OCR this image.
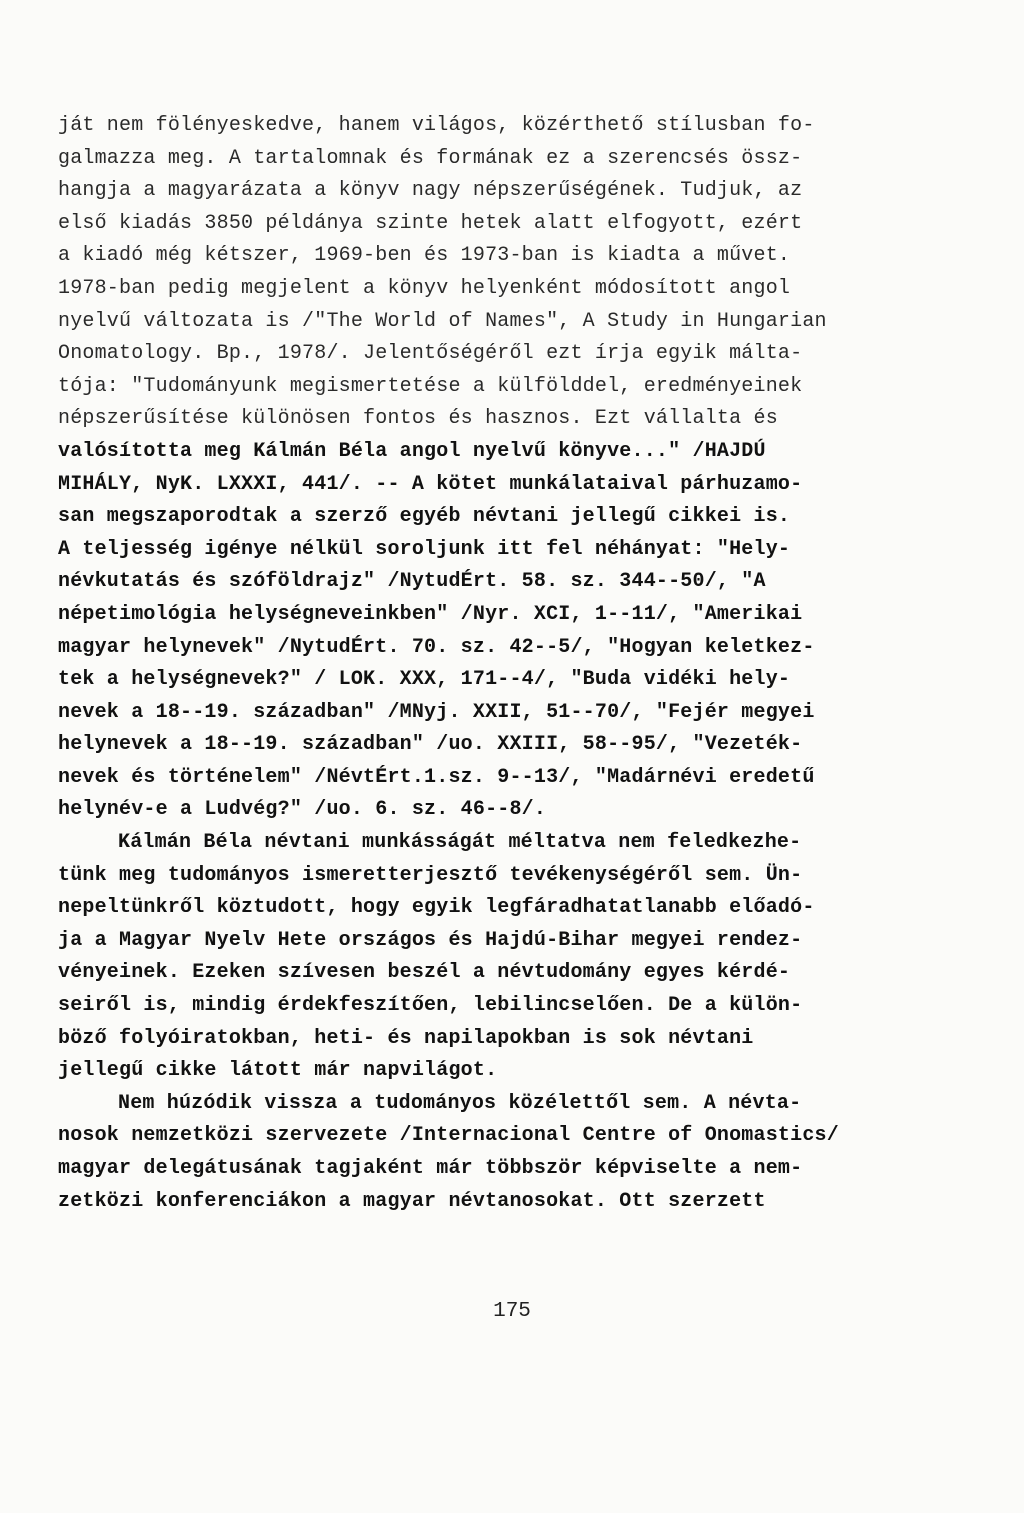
ját nem fölényeskedve, hanem világos, közérthető stílusban fo-
galmazza meg. A tartalomnak és formának ez a szerencsés össz-
hangja a magyarázata a könyv nagy népszerűségének. Tudjuk, az
első kiadás 3850 példánya szinte hetek alatt elfogyott, ezért
a kiadó még kétszer, 1969-ben és 1973-ban is kiadta a művet.
1978-ban pedig megjelent a könyv helyenként módosított angol
nyelvű változata is /"The World of Names", A Study in Hungarian
Onomatology. Bp., 1978/. Jelentőségéről ezt írja egyik málta-
tója: "Tudományunk megismertetése a külfölddel, eredményeinek
népszerűsítése különösen fontos és hasznos. Ezt vállalta és
valósította meg Kálmán Béla angol nyelvű könyve..." /HAJDÚ
MIHÁLY, NyK. LXXXI, 441/. -- A kötet munkálataival párhuzamo-
san megszaporodtak a szerző egyéb névtani jellegű cikkei is.
A teljesség igénye nélkül soroljunk itt fel néhányat: "Hely-
névkutatás és szóföldrajz" /NytudÉrt. 58. sz. 344--50/, "A
népetimológia helységneveinkben" /Nyr. XCI, 1--11/, "Amerikai
magyar helynevek" /NytudÉrt. 70. sz. 42--5/, "Hogyan keletkez-
tek a helységnevek?" / LOK. XXX, 171--4/, "Buda vidéki hely-
nevek a 18--19. században" /MNyj. XXII, 51--70/, "Fejér megyei
helynevek a 18--19. században" /uo. XXIII, 58--95/, "Vezeték-
nevek és történelem" /NévtÉrt.1.sz. 9--13/, "Madárnévi eredetű
helynév-e a Ludvég?" /uo. 6. sz. 46--8/.
Kálmán Béla névtani munkásságát méltatva nem feledkezhe-
tünk meg tudományos ismeretterjesztő tevékenységéről sem. Ün-
nepeltünkről köztudott, hogy egyik legfáradhatatlanabb előadó-
ja a Magyar Nyelv Hete országos és Hajdú-Bihar megyei rendez-
vényeinek. Ezeken szívesen beszél a névtudomány egyes kérdé-
seiről is, mindig érdekfeszítően, lebilincselően. De a külön-
böző folyóiratokban, heti- és napilapokban is sok névtani
jellegű cikke látott már napvilágot.
Nem húzódik vissza a tudományos közélettől sem. A névta-
nosok nemzetközi szervezete /Internacional Centre of Onomastics/
magyar delegátusának tagjaként már többször képviselte a nem-
zetközi konferenciákon a magyar névtanosokat. Ott szerzett
175
